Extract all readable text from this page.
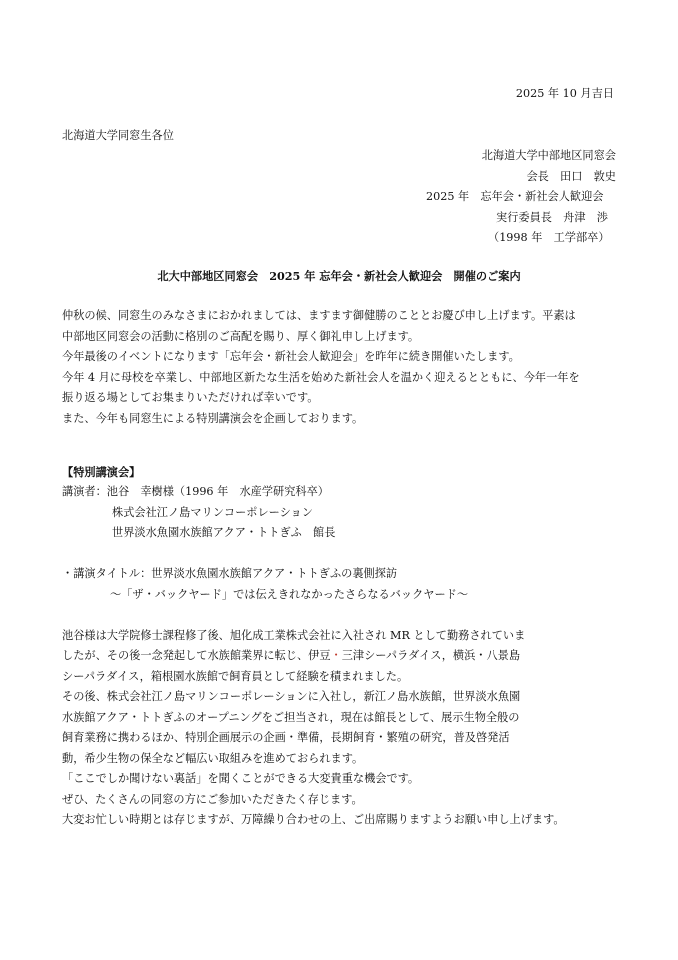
2025 年 10 月吉日
北海道大学同窓生各位
北海道大学中部地区同窓会
会長　田口　敦史
2025 年　忘年会・新社会人歓迎会
実行委員長　舟津　渉
（1998 年　工学部卒）
北大中部地区同窓会　2025 年 忘年会・新社会人歓迎会　開催のご案内

仲秋の候、同窓生のみなさまにおかれましては、ますます御健勝のこととお慶び申し上げます。平素は

中部地区同窓会の活動に格別のご高配を賜り、厚く御礼申し上げます。

今年最後のイベントになります「忘年会・新社会人歓迎会」を昨年に続き開催いたします。

今年 4 月に母校を卒業し、中部地区新たな生活を始めた新社会人を温かく迎えるとともに、今年一年を

振り返る場としてお集まりいただければ幸いです。

また、今年も同窓生による特別講演会を企画しております。

【特別講演会】

講演者： 池谷　幸樹様（1996 年　水産学研究科卒）

株式会社江ノ島マリンコーポレーション

世界淡水魚園水族館アクア・トトぎふ　館長

・講演タイトル：世界淡水魚園水族館アクア・トトぎふの裏側探訪

～「ザ・バックヤード」では伝えきれなかったさらなるバックヤード～

池谷様は大学院修士課程修了後、旭化成工業株式会社に入社され MR として勤務されていま

したが、その後一念発起して水族館業界に転じ、伊豆・三津シーパラダイス，横浜・八景島

シーパラダイス，箱根園水族館で飼育員として経験を積まれました。

その後、株式会社江ノ島マリンコーポレーションに入社し，新江ノ島水族館，世界淡水魚園

水族館アクア・トトぎふのオープニングをご担当され，現在は館長として、展示生物全般の

飼育業務に携わるほか、特別企画展示の企画・準備，長期飼育・繁殖の研究，普及啓発活

動，希少生物の保全など幅広い取組みを進めておられます。

「ここでしか聞けない裏話」を聞くことができる大変貴重な機会です。

ぜひ、たくさんの同窓の方にご参加いただきたく存じます。

大変お忙しい時期とは存じますが、万障繰り合わせの上、ご出席賜りますようお願い申し上げます。
